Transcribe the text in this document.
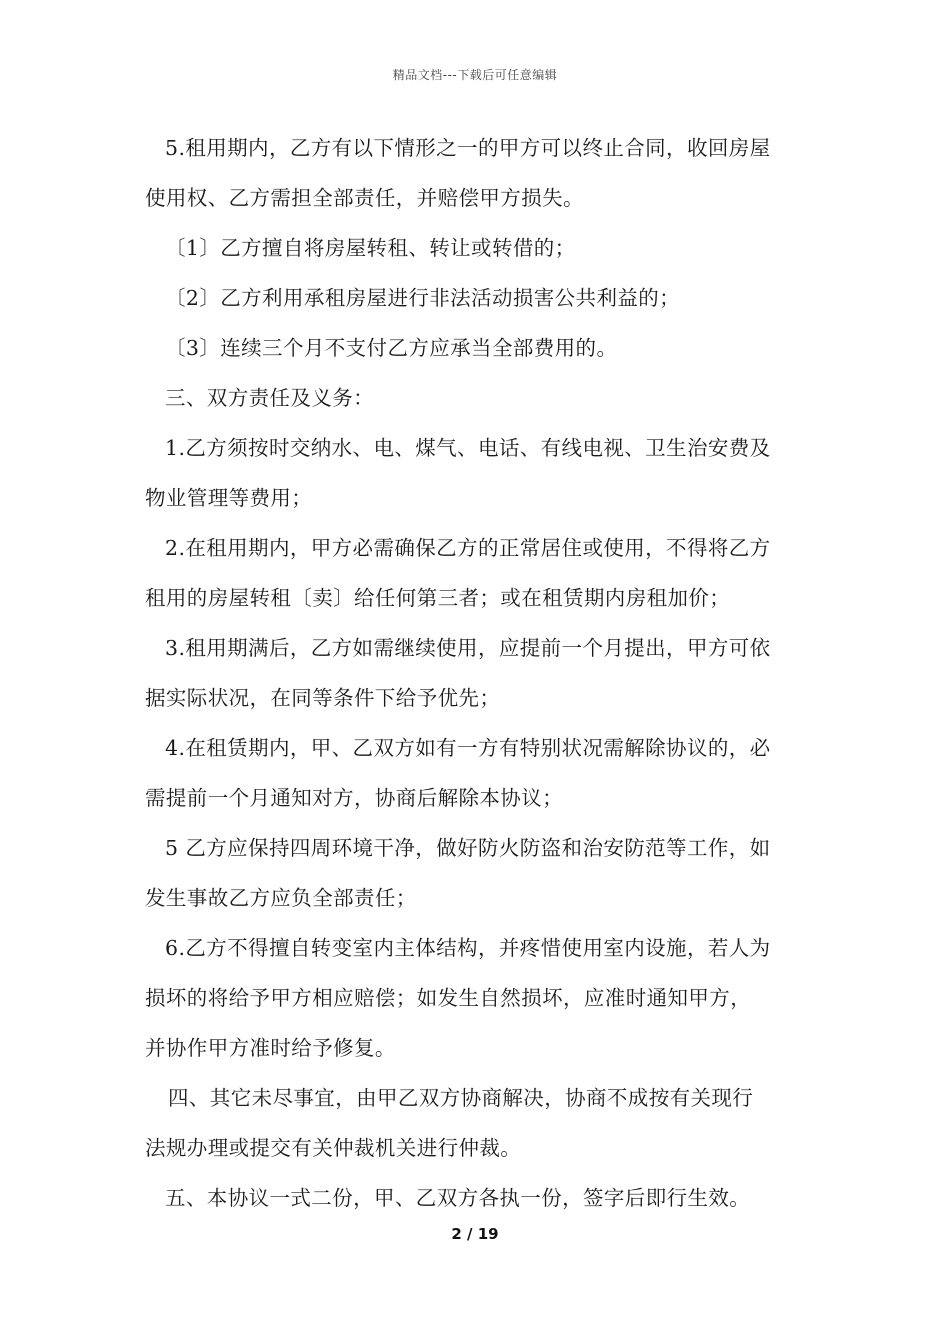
精品文档---下载后可任意编辑
5.租用期内，乙方有以下情形之一的甲方可以终止合同，收回房屋
使用权、乙方需担全部责任，并赔偿甲方损失。
〔1〕乙方擅自将房屋转租、转让或转借的；
〔2〕乙方利用承租房屋进行非法活动损害公共利益的；
〔3〕连续三个月不支付乙方应承当全部费用的。
三、双方责任及义务：
1.乙方须按时交纳水、电、煤气、电话、有线电视、卫生治安费及
物业管理等费用；
2.在租用期内，甲方必需确保乙方的正常居住或使用，不得将乙方
租用的房屋转租〔卖〕给任何第三者；或在租赁期内房租加价；
3.租用期满后，乙方如需继续使用，应提前一个月提出，甲方可依
据实际状况，在同等条件下给予优先；
4.在租赁期内，甲、乙双方如有一方有特别状况需解除协议的，必
需提前一个月通知对方，协商后解除本协议；
5 乙方应保持四周环境干净，做好防火防盗和治安防范等工作，如
发生事故乙方应负全部责任；
6.乙方不得擅自转变室内主体结构，并疼惜使用室内设施，若人为
损坏的将给予甲方相应赔偿；如发生自然损坏，应准时通知甲方，
并协作甲方准时给予修复。
四、其它未尽事宜，由甲乙双方协商解决，协商不成按有关现行
法规办理或提交有关仲裁机关进行仲裁。
五、本协议一式二份，甲、乙双方各执一份，签字后即行生效。
2 / 19
